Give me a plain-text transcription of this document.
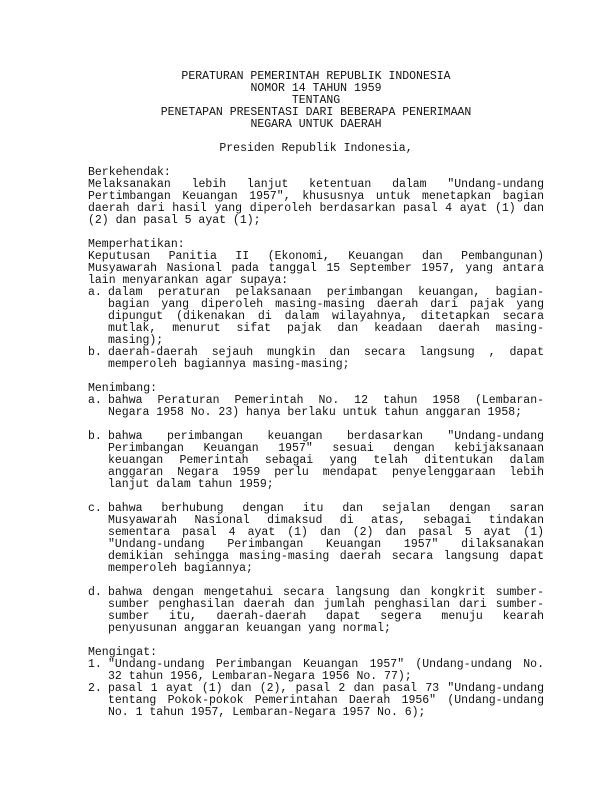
PERATURAN PEMERINTAH REPUBLIK INDONESIA
NOMOR 14 TAHUN 1959
TENTANG
PENETAPAN PRESENTASI DARI BEBERAPA PENERIMAAN
NEGARA UNTUK DAERAH
Presiden Republik Indonesia,
Berkehendak:
Melaksanakan lebih lanjut ketentuan dalam "Undang-undang
Pertimbangan Keuangan 1957", khususnya untuk menetapkan bagian
daerah dari hasil yang diperoleh berdasarkan pasal 4 ayat (1) dan
(2) dan pasal 5 ayat (1);
Memperhatikan:
Keputusan Panitia II (Ekonomi, Keuangan dan Pembangunan)
Musyawarah Nasional pada tanggal 15 September 1957, yang antara
lain menyarankan agar supaya:
a. dalam peraturan pelaksanaan perimbangan keuangan, bagian-
bagian yang diperoleh masing-masing daerah dari pajak yang
dipungut (dikenakan di dalam wilayahnya, ditetapkan secara
mutlak, menurut sifat pajak dan keadaan daerah masing-
masing);
b. daerah-daerah sejauh mungkin dan secara langsung , dapat
memperoleh bagiannya masing-masing;
Menimbang:
a. bahwa Peraturan Pemerintah No. 12 tahun 1958 (Lembaran-
Negara 1958 No. 23) hanya berlaku untuk tahun anggaran 1958;
b. bahwa perimbangan keuangan berdasarkan "Undang-undang
Perimbangan Keuangan 1957" sesuai dengan kebijaksanaan
keuangan Pemerintah sebagai yang telah ditentukan dalam
anggaran Negara 1959 perlu mendapat penyelenggaraan lebih
lanjut dalam tahun 1959;
c. bahwa berhubung dengan itu dan sejalan dengan saran
Musyawarah Nasional dimaksud di atas, sebagai tindakan
sementara pasal 4 ayat (1) dan (2) dan pasal 5 ayat (1)
"Undang-undang Perimbangan Keuangan 1957" dilaksanakan
demikian sehingga masing-masing daerah secara langsung dapat
memperoleh bagiannya;
d. bahwa dengan mengetahui secara langsung dan kongkrit sumber-
sumber penghasilan daerah dan jumlah penghasilan dari sumber-
sumber itu, daerah-daerah dapat segera menuju kearah
penyusunan anggaran keuangan yang normal;
Mengingat:
1. "Undang-undang Perimbangan Keuangan 1957" (Undang-undang No.
32 tahun 1956, Lembaran-Negara 1956 No. 77);
2. pasal 1 ayat (1) dan (2), pasal 2 dan pasal 73 "Undang-undang
tentang Pokok-pokok Pemerintahan Daerah 1956" (Undang-undang
No. 1 tahun 1957, Lembaran-Negara 1957 No. 6);
